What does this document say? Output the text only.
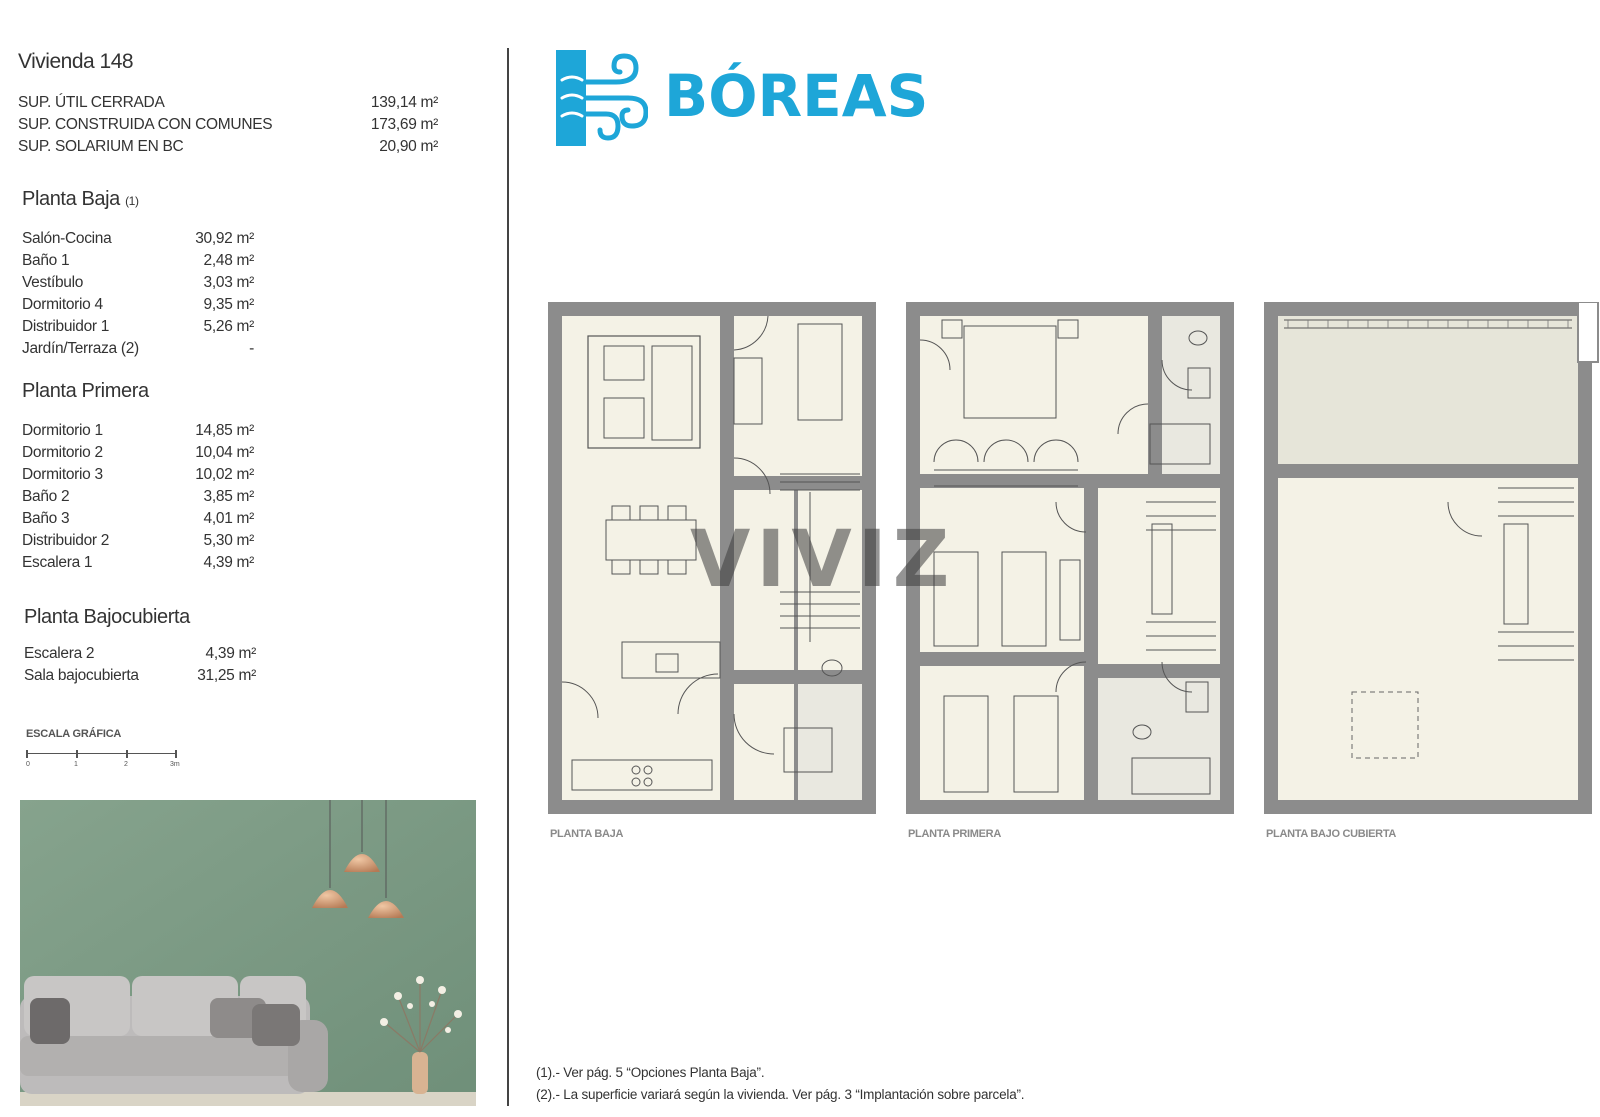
Vivienda 148
SUP. ÚTIL CERRADA	139,14 m²
SUP. CONSTRUIDA CON COMUNES	173,69 m²
SUP. SOLARIUM EN BC	20,90 m²
Planta Baja (1)
Salón-Cocina	30,92 m²
Baño 1	2,48 m²
Vestíbulo	3,03 m²
Dormitorio 4	9,35 m²
Distribuidor 1	5,26 m²
Jardín/Terraza (2)	-
Planta Primera
Dormitorio 1	14,85 m²
Dormitorio 2	10,04 m²
Dormitorio 3	10,02 m²
Baño 2	3,85 m²
Baño 3	4,01 m²
Distribuidor 2	5,30 m²
Escalera 1	4,39 m²
Planta Bajocubierta
Escalera 2	4,39 m²
Sala bajocubierta	31,25 m²
ESCALA GRÁFICA
0	1	2	3m
BÓREAS
PLANTA BAJA	PLANTA PRIMERA	PLANTA BAJO CUBIERTA
VIVIZ
(1).- Ver pág. 5 “Opciones Planta Baja”.
(2).- La superficie variará según la vivienda. Ver pág. 3 “Implantación sobre parcela”.
